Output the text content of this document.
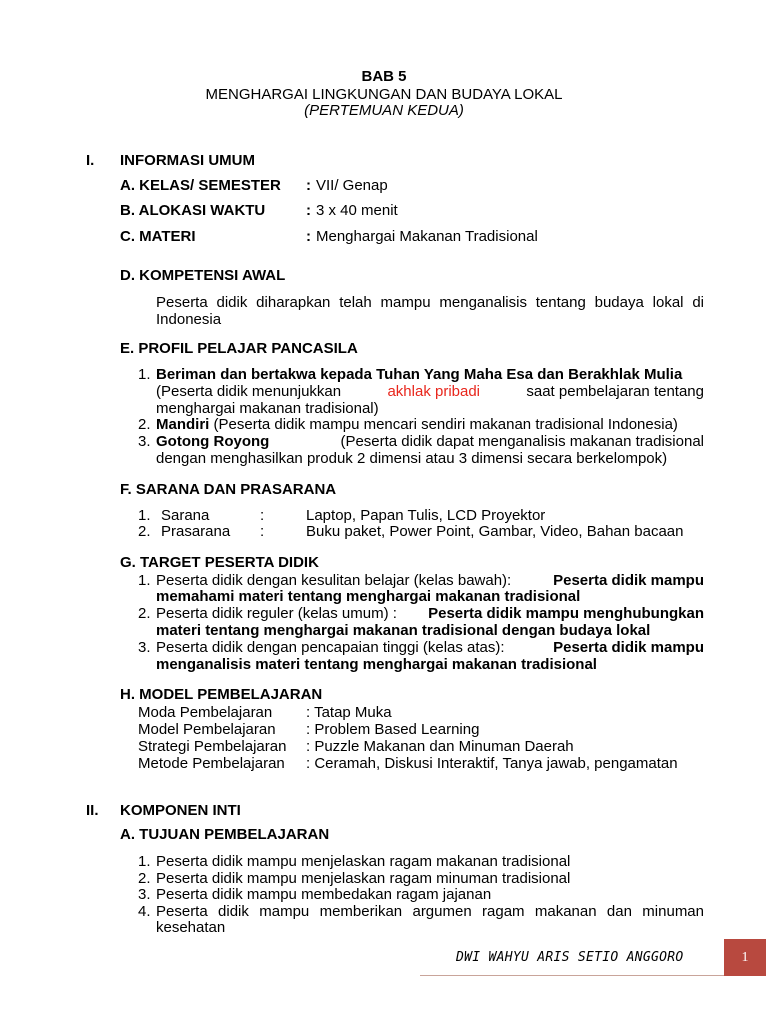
BAB 5
MENGHARGAI LINGKUNGAN DAN BUDAYA LOKAL
(PERTEMUAN KEDUA)
I. INFORMASI UMUM
A. KELAS/ SEMESTER : VII/ Genap
B. ALOKASI WAKTU	: 3 x 40 menit
C. MATERI	: Menghargai Makanan Tradisional
D. KOMPETENSI AWAL
Peserta didik diharapkan telah mampu menganalisis tentang budaya lokal di
Indonesia
E. PROFIL PELAJAR PANCASILA
1. Beriman dan bertakwa kepada Tuhan Yang Maha Esa dan Berakhlak Mulia
(Peserta didik menunjukkan	akhlak pribadi	saat pembelajaran tentang
menghargai makanan tradisional)
2. Mandiri (Peserta didik mampu mencari sendiri makanan tradisional Indonesia)
3. Gotong Royong	(Peserta didik dapat menganalisis makanan tradisional
dengan menghasilkan produk 2 dimensi atau 3 dimensi secara berkelompok)
F. SARANA DAN PRASARANA
1. Sarana	:	Laptop, Papan Tulis, LCD Proyektor
2. Prasarana :	Buku paket, Power Point, Gambar, Video, Bahan bacaan
G. TARGET PESERTA DIDIK
1. Peserta didik dengan kesulitan belajar (kelas bawah):	Peserta didik mampu
memahami materi tentang menghargai makanan tradisional
2. Peserta didik reguler (kelas umum) : Peserta didik mampu menghubungkan
materi tentang menghargai makanan tradisional dengan budaya lokal
3. Peserta didik dengan pencapaian tinggi (kelas atas):	Peserta didik mampu
menganalisis materi tentang menghargai makanan tradisional
H. MODEL PEMBELAJARAN
Moda Pembelajaran : Tatap Muka
Model Pembelajaran : Problem Based Learning
Strategi Pembelajaran : Puzzle Makanan dan Minuman Daerah
Metode Pembelajaran : Ceramah, Diskusi Interaktif, Tanya jawab, pengamatan
II. KOMPONEN INTI
A. TUJUAN PEMBELAJARAN
1. Peserta didik mampu menjelaskan ragam makanan tradisional
2. Peserta didik mampu menjelaskan ragam minuman tradisional
3. Peserta didik mampu membedakan ragam jajanan
4. Peserta didik mampu memberikan argumen ragam makanan dan minuman
kesehatan
DWI WAHYU ARIS SETIO ANGGORO	1
